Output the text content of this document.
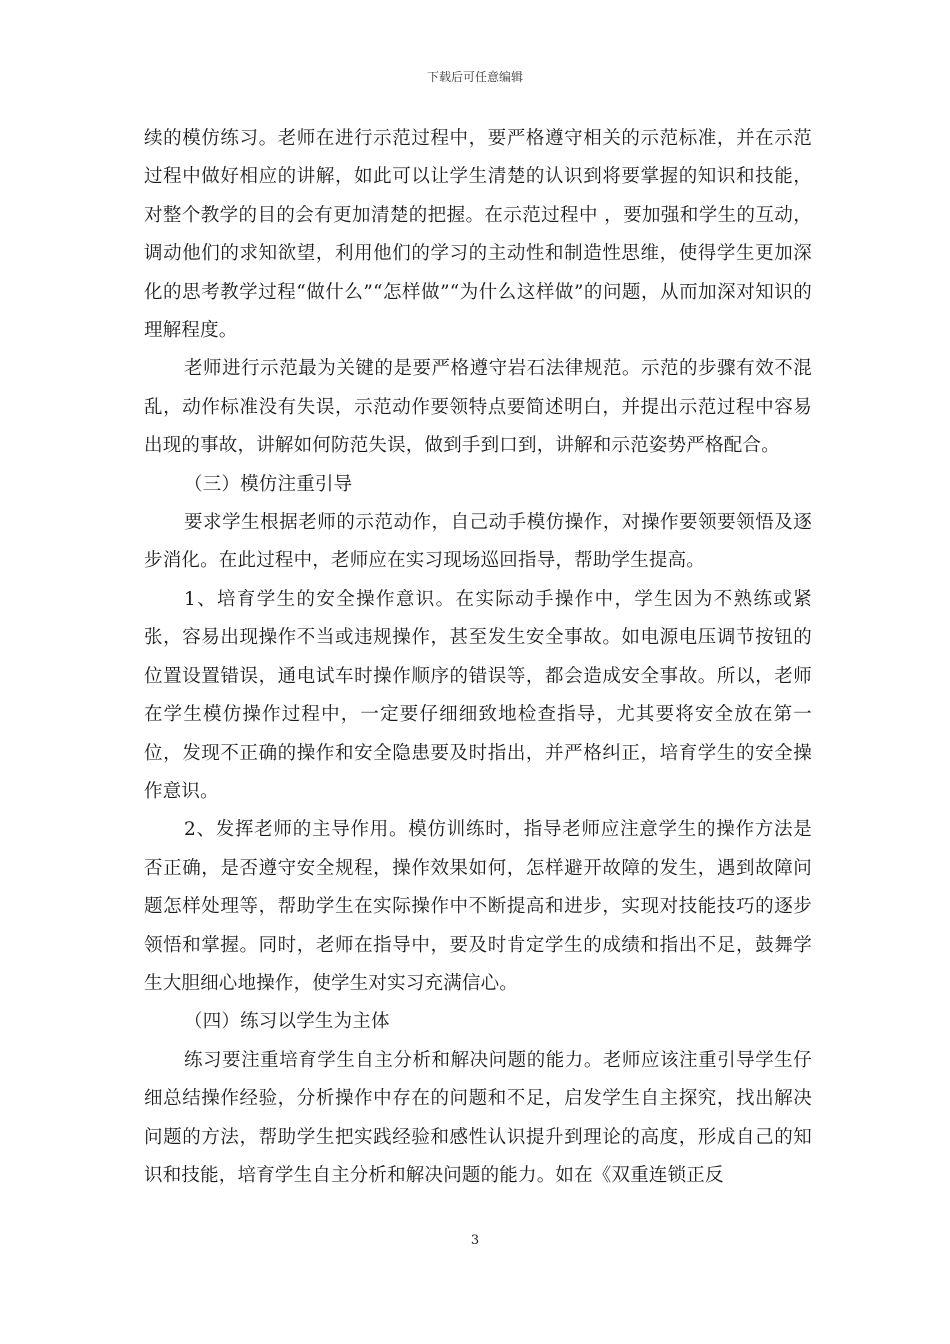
下载后可任意编辑

续的模仿练习。老师在进行示范过程中，要严格遵守相关的示范标准，并在示范过程中做好相应的讲解，如此可以让学生清楚的认识到将要掌握的知识和技能，对整个教学的目的会有更加清楚的把握。在示范过程中 ，要加强和学生的互动，调动他们的求知欲望，利用他们的学习的主动性和制造性思维，使得学生更加深化的思考教学过程“做什么”“怎样做”“为什么这样做”的问题，从而加深对知识的理解程度。

老师进行示范最为关键的是要严格遵守岩石法律规范。示范的步骤有效不混乱，动作标准没有失误，示范动作要领特点要简述明白，并提出示范过程中容易出现的事故，讲解如何防范失误，做到手到口到，讲解和示范姿势严格配合。

（三）模仿注重引导

要求学生根据老师的示范动作，自己动手模仿操作，对操作要领要领悟及逐步消化。在此过程中，老师应在实习现场巡回指导，帮助学生提高。

1、培育学生的安全操作意识。在实际动手操作中，学生因为不熟练或紧张，容易出现操作不当或违规操作，甚至发生安全事故。如电源电压调节按钮的位置设置错误，通电试车时操作顺序的错误等，都会造成安全事故。所以，老师在学生模仿操作过程中，一定要仔细细致地检查指导，尤其要将安全放在第一位，发现不正确的操作和安全隐患要及时指出，并严格纠正，培育学生的安全操作意识。

2、发挥老师的主导作用。模仿训练时，指导老师应注意学生的操作方法是否正确，是否遵守安全规程，操作效果如何，怎样避开故障的发生，遇到故障问题怎样处理等，帮助学生在实际操作中不断提高和进步，实现对技能技巧的逐步领悟和掌握。同时，老师在指导中，要及时肯定学生的成绩和指出不足，鼓舞学生大胆细心地操作，使学生对实习充满信心。

（四）练习以学生为主体

练习要注重培育学生自主分析和解决问题的能力。老师应该注重引导学生仔细总结操作经验，分析操作中存在的问题和不足，启发学生自主探究，找出解决问题的方法，帮助学生把实践经验和感性认识提升到理论的高度，形成自己的知识和技能，培育学生自主分析和解决问题的能力。如在《双重连锁正反

3
